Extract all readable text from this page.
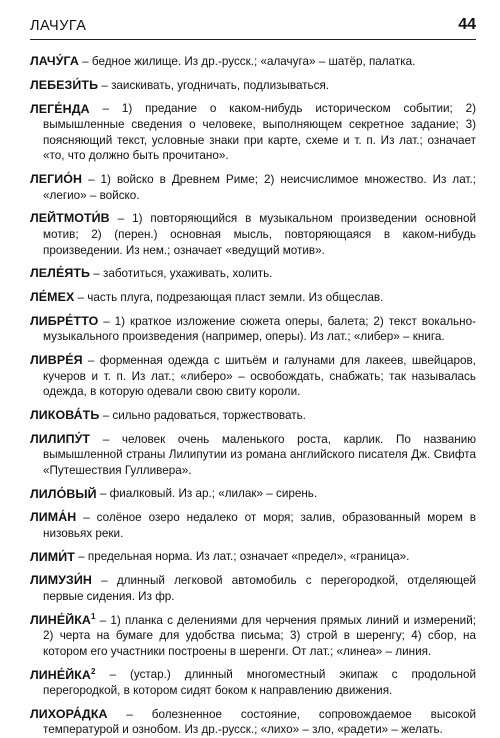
ЛАЧУГА	44

ЛАЧУ́ГА – бедное жилище. Из др.-русск.; «алачуга» – шатёр, палатка.

ЛЕБЕЗИ́ТЬ – заискивать, угодничать, подлизываться.

ЛЕГЕ́НДА – 1) предание о каком-нибудь историческом событии; 2) вымышленные сведения о человеке, выполняющем секретное задание; 3) поясняющий текст, условные знаки при карте, схеме и т. п. Из лат.; означает «то, что должно быть прочитано».

ЛЕГИО́Н – 1) войско в Древнем Риме; 2) неисчислимое множество. Из лат.; «легио» – войско.

ЛЕЙТМОТИ́В – 1) повторяющийся в музыкальном произведении основной мотив; 2) (перен.) основная мысль, повторяющаяся в каком-нибудь произведении. Из нем.; означает «ведущий мотив».

ЛЕЛЕ́ЯТЬ – заботиться, ухаживать, холить.

ЛЕ́МЕХ – часть плуга, подрезающая пласт земли. Из общеслав.

ЛИБРЕ́ТТО – 1) краткое изложение сюжета оперы, балета; 2) текст вокально-музыкального произведения (например, оперы). Из лат.; «либер» – книга.

ЛИВРЕ́Я – форменная одежда с шитьём и галунами для лакеев, швейцаров, кучеров и т. п. Из лат.; «либеро» – освобождать, снабжать; так называлась одежда, в которую одевали свою свиту короли.

ЛИКОВА́ТЬ – сильно радоваться, торжествовать.

ЛИЛИПУ́Т – человек очень маленького роста, карлик. По названию вымышленной страны Лилипутии из романа английского писателя Дж. Свифта «Путешествия Гулливера».

ЛИЛО́ВЫЙ – фиалковый. Из ар.; «лилак» – сирень.

ЛИМА́Н – солёное озеро недалеко от моря; залив, образованный морем в низовьях реки.

ЛИМИ́Т – предельная норма. Из лат.; означает «предел», «граница».

ЛИМУЗИ́Н – длинный легковой автомобиль с перегородкой, отделяющей первые сидения. Из фр.

ЛИНЕ́ЙКА$^1$ – 1) планка с делениями для черчения прямых линий и измерений; 2) черта на бумаге для удобства письма; 3) строй в шеренгу; 4) сбор, на котором его участники построены в шеренги. От лат.; «линеа» – линия.

ЛИНЕ́ЙКА$^2$ – (устар.) длинный многоместный экипаж с продольной перегородкой, в котором сидят боком к направлению движения.

ЛИХОРА́ДКА – болезненное состояние, сопровождаемое высокой температурой и ознобом. Из др.-русск.; «лихо» – зло, «радети» – желать.
